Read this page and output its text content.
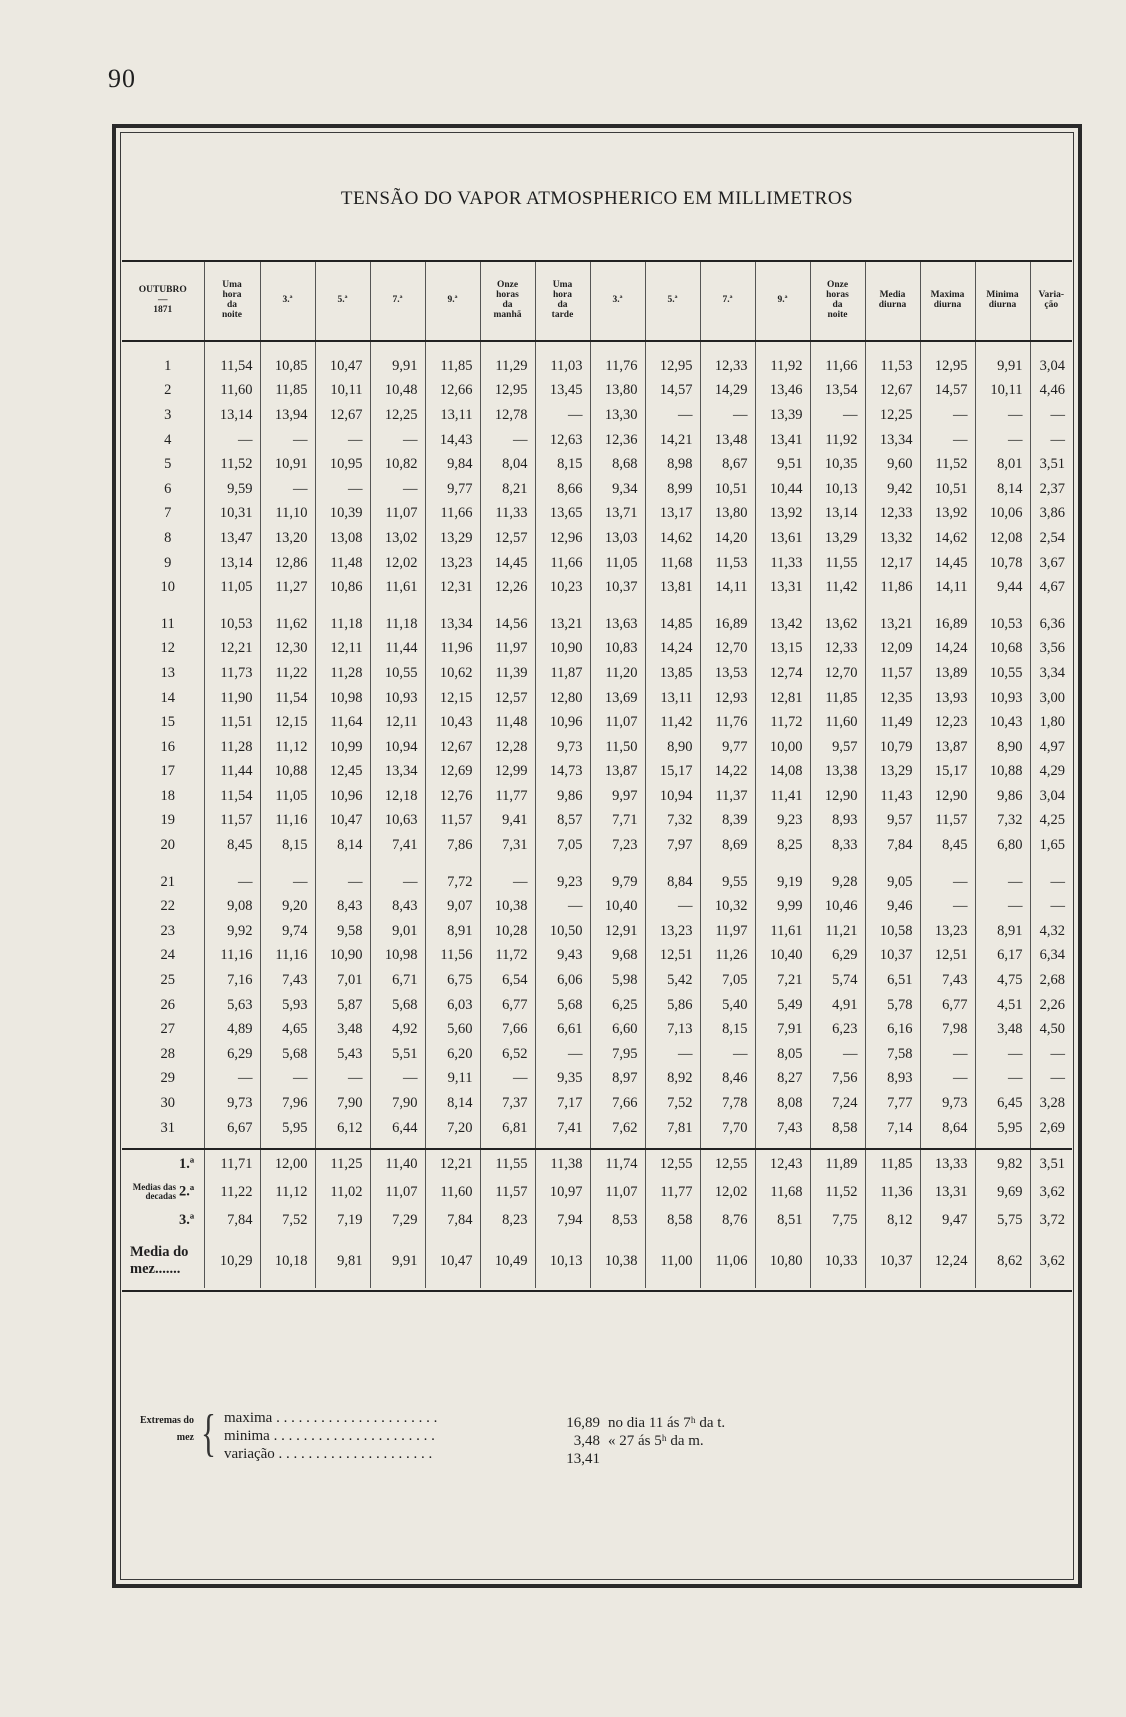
90
TENSÃO DO VAPOR ATMOSPHERICO EM MILLIMETROS
OUTUBRO
—
1871	Uma
hora
da
noite	3.ª	5.ª	7.ª	9.ª	Onze
horas
da
manhã	Uma
hora
da
tarde	3.ª	5.ª	7.ª	9.ª	Onze
horas
da
noite	Media
diurna	Maxima
diurna	Minima
diurna	Varia-
ção

1	11,54	10,85	10,47	9,91	11,85	11,29	11,03	11,76	12,95	12,33	11,92	11,66	11,53	12,95	9,91	3,04
2	11,60	11,85	10,11	10,48	12,66	12,95	13,45	13,80	14,57	14,29	13,46	13,54	12,67	14,57	10,11	4,46
3	13,14	13,94	12,67	12,25	13,11	12,78	—	13,30	—	—	13,39	—	12,25	—	—	—
4	—	—	—	—	14,43	—	12,63	12,36	14,21	13,48	13,41	11,92	13,34	—	—	—
5	11,52	10,91	10,95	10,82	9,84	8,04	8,15	8,68	8,98	8,67	9,51	10,35	9,60	11,52	8,01	3,51
6	9,59	—	—	—	9,77	8,21	8,66	9,34	8,99	10,51	10,44	10,13	9,42	10,51	8,14	2,37
7	10,31	11,10	10,39	11,07	11,66	11,33	13,65	13,71	13,17	13,80	13,92	13,14	12,33	13,92	10,06	3,86
8	13,47	13,20	13,08	13,02	13,29	12,57	12,96	13,03	14,62	14,20	13,61	13,29	13,32	14,62	12,08	2,54
9	13,14	12,86	11,48	12,02	13,23	14,45	11,66	11,05	11,68	11,53	11,33	11,55	12,17	14,45	10,78	3,67
10	11,05	11,27	10,86	11,61	12,31	12,26	10,23	10,37	13,81	14,11	13,31	11,42	11,86	14,11	9,44	4,67

11	10,53	11,62	11,18	11,18	13,34	14,56	13,21	13,63	14,85	16,89	13,42	13,62	13,21	16,89	10,53	6,36
12	12,21	12,30	12,11	11,44	11,96	11,97	10,90	10,83	14,24	12,70	13,15	12,33	12,09	14,24	10,68	3,56
13	11,73	11,22	11,28	10,55	10,62	11,39	11,87	11,20	13,85	13,53	12,74	12,70	11,57	13,89	10,55	3,34
14	11,90	11,54	10,98	10,93	12,15	12,57	12,80	13,69	13,11	12,93	12,81	11,85	12,35	13,93	10,93	3,00
15	11,51	12,15	11,64	12,11	10,43	11,48	10,96	11,07	11,42	11,76	11,72	11,60	11,49	12,23	10,43	1,80
16	11,28	11,12	10,99	10,94	12,67	12,28	9,73	11,50	8,90	9,77	10,00	9,57	10,79	13,87	8,90	4,97
17	11,44	10,88	12,45	13,34	12,69	12,99	14,73	13,87	15,17	14,22	14,08	13,38	13,29	15,17	10,88	4,29
18	11,54	11,05	10,96	12,18	12,76	11,77	9,86	9,97	10,94	11,37	11,41	12,90	11,43	12,90	9,86	3,04
19	11,57	11,16	10,47	10,63	11,57	9,41	8,57	7,71	7,32	8,39	9,23	8,93	9,57	11,57	7,32	4,25
20	8,45	8,15	8,14	7,41	7,86	7,31	7,05	7,23	7,97	8,69	8,25	8,33	7,84	8,45	6,80	1,65

21	—	—	—	—	7,72	—	9,23	9,79	8,84	9,55	9,19	9,28	9,05	—	—	—
22	9,08	9,20	8,43	8,43	9,07	10,38	—	10,40	—	10,32	9,99	10,46	9,46	—	—	—
23	9,92	9,74	9,58	9,01	8,91	10,28	10,50	12,91	13,23	11,97	11,61	11,21	10,58	13,23	8,91	4,32
24	11,16	11,16	10,90	10,98	11,56	11,72	9,43	9,68	12,51	11,26	10,40	6,29	10,37	12,51	6,17	6,34
25	7,16	7,43	7,01	6,71	6,75	6,54	6,06	5,98	5,42	7,05	7,21	5,74	6,51	7,43	4,75	2,68
26	5,63	5,93	5,87	5,68	6,03	6,77	5,68	6,25	5,86	5,40	5,49	4,91	5,78	6,77	4,51	2,26
27	4,89	4,65	3,48	4,92	5,60	7,66	6,61	6,60	7,13	8,15	7,91	6,23	6,16	7,98	3,48	4,50
28	6,29	5,68	5,43	5,51	6,20	6,52	—	7,95	—	—	8,05	—	7,58	—	—	—
29	—	—	—	—	9,11	—	9,35	8,97	8,92	8,46	8,27	7,56	8,93	—	—	—
30	9,73	7,96	7,90	7,90	8,14	7,37	7,17	7,66	7,52	7,78	8,08	7,24	7,77	9,73	6,45	3,28
31	6,67	5,95	6,12	6,44	7,20	6,81	7,41	7,62	7,81	7,70	7,43	8,58	7,14	8,64	5,95	2,69

1.ª	11,71	12,00	11,25	11,40	12,21	11,55	11,38	11,74	12,55	12,55	12,43	11,89	11,85	13,33	9,82	3,51
Medias das decadas 2.ª	11,22	11,12	11,02	11,07	11,60	11,57	10,97	11,07	11,77	12,02	11,68	11,52	11,36	13,31	9,69	3,62
3.ª	7,84	7,52	7,19	7,29	7,84	8,23	7,94	8,53	8,58	8,76	8,51	7,75	8,12	9,47	5,75	3,72
Media do mez.......	10,29	10,18	9,81	9,91	10,47	10,49	10,13	10,38	11,00	11,06	10,80	10,33	10,37	12,24	8,62	3,62
Extremas do mez { maxima . . . . . . . . . . . . . . . . . . . . . .	16,89 no dia 11 ás 7ʰ da t.
minima . . . . . . . . . . . . . . . . . . . . . .	3,48 « 27 ás 5ʰ da m.
variação . . . . . . . . . . . . . . . . . . . . .	13,41
